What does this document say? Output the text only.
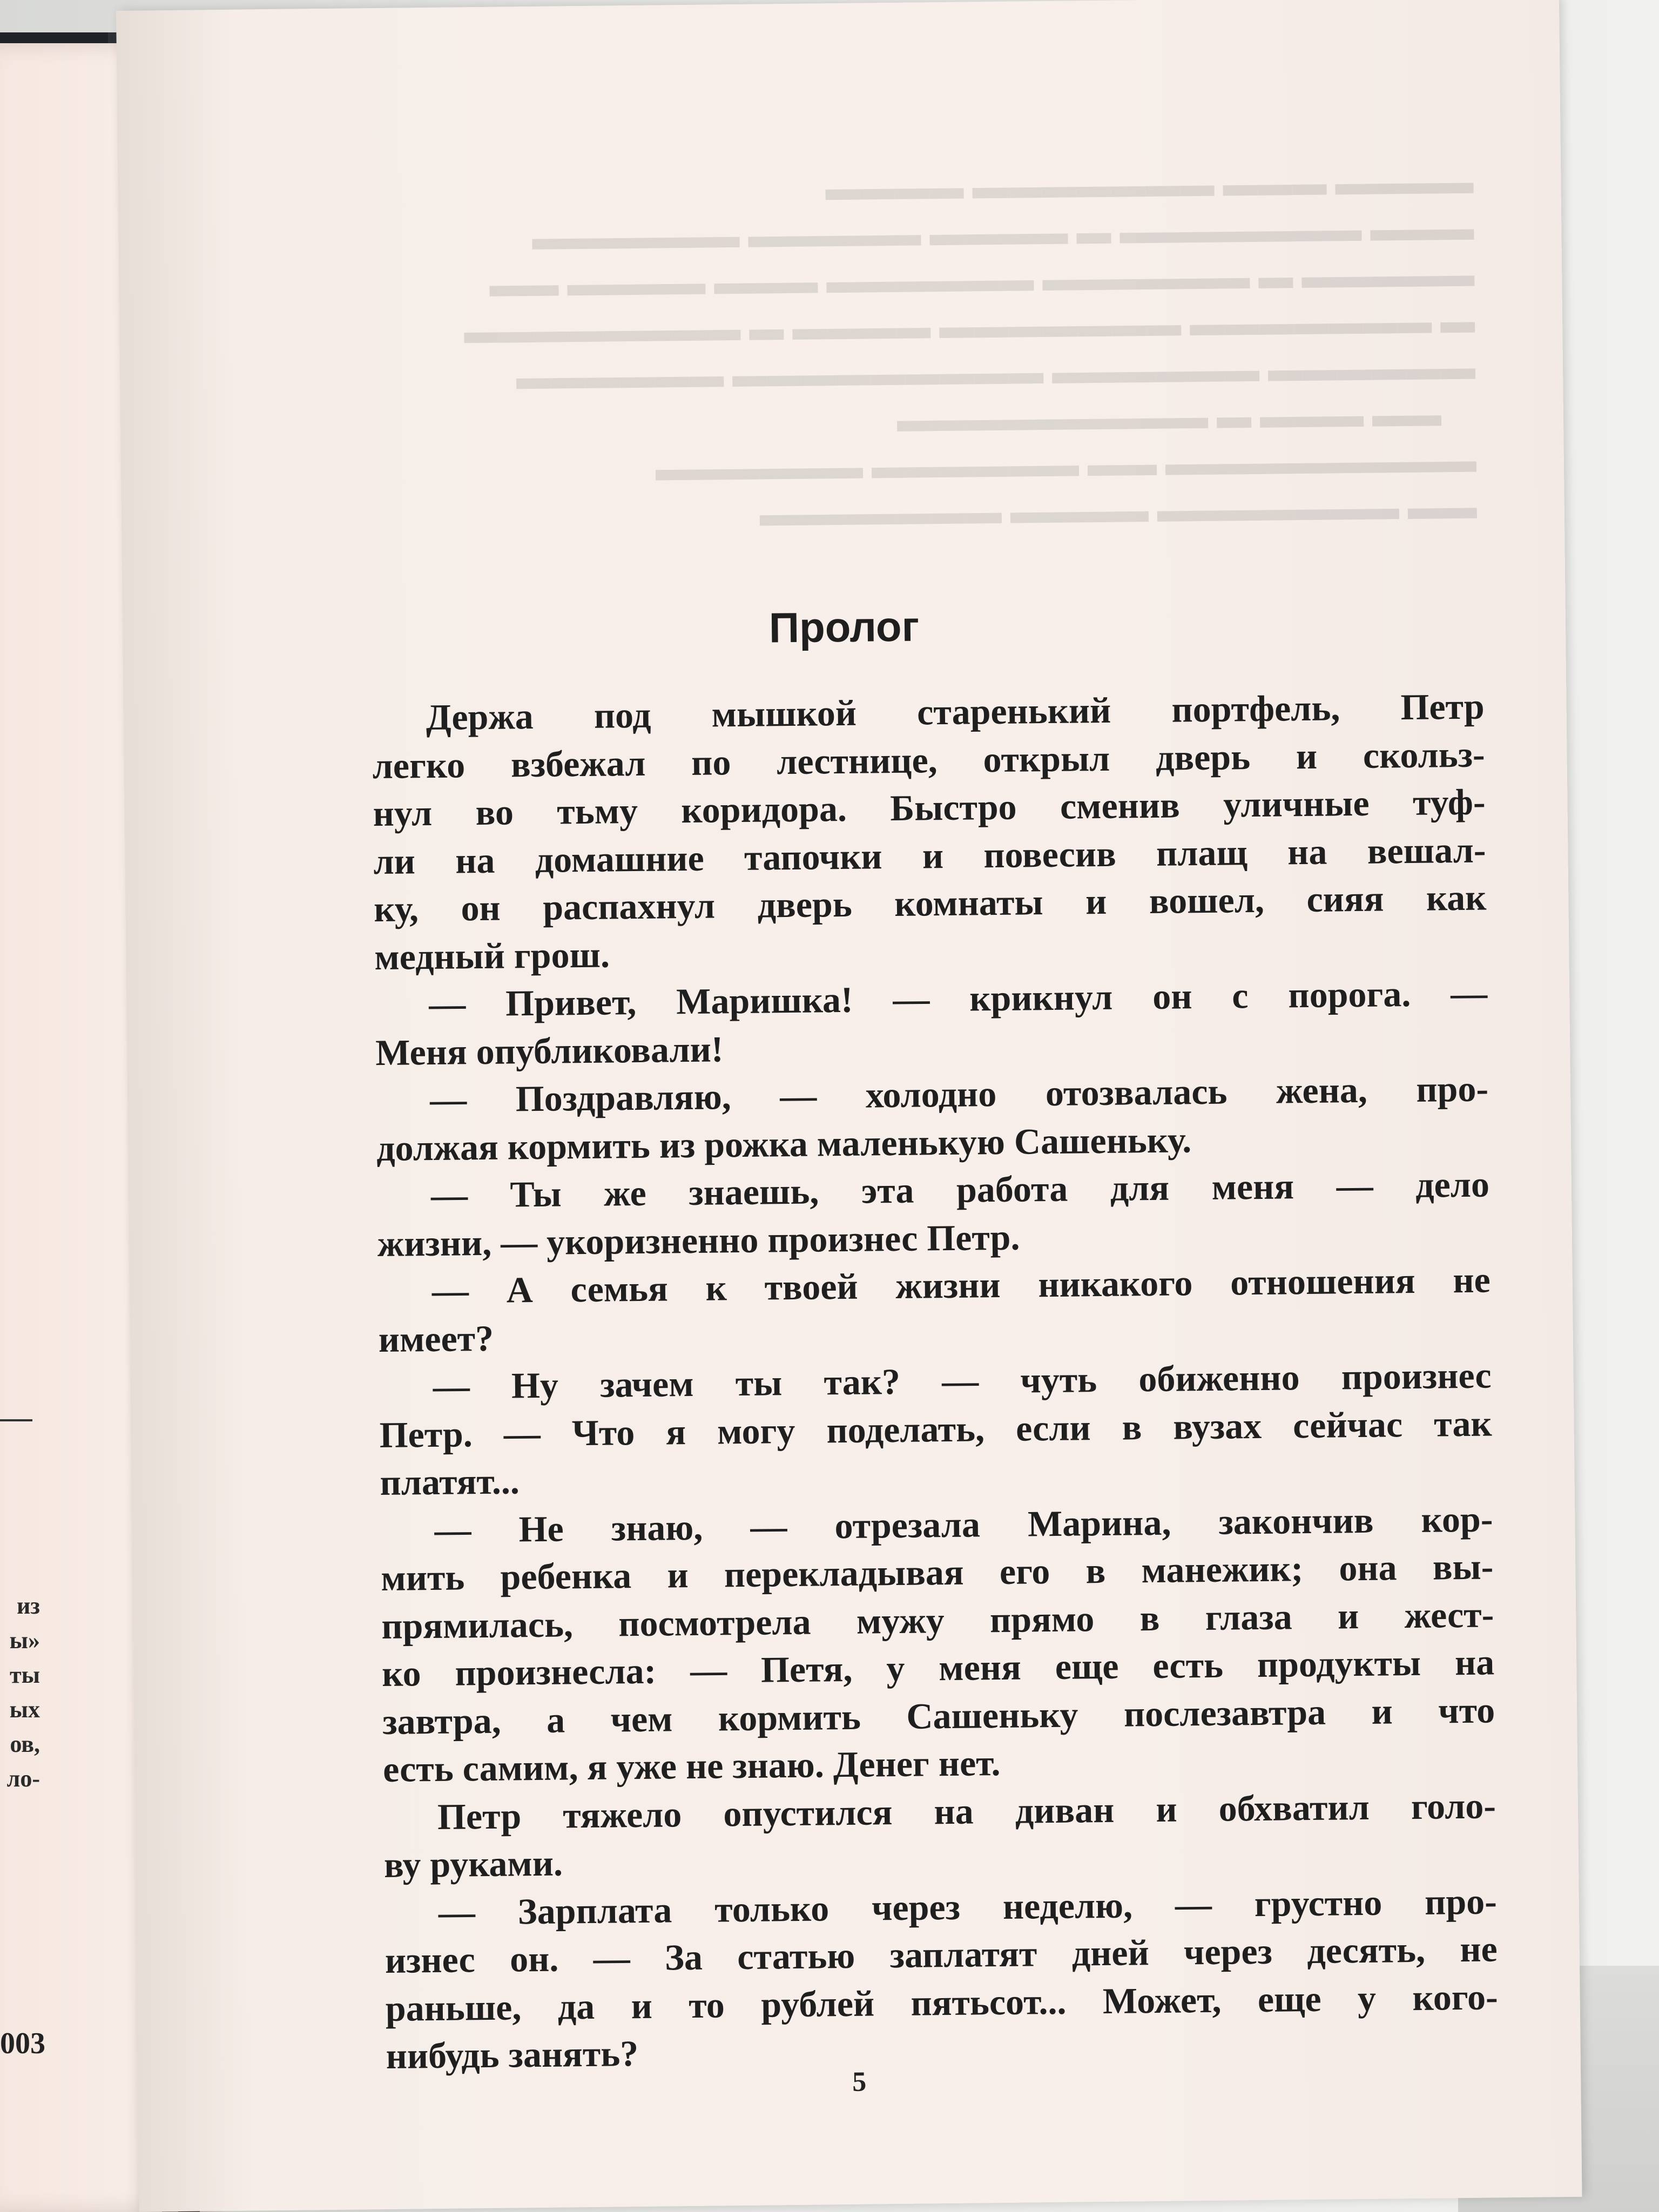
из
ы»
ты
ых
ов,
ло-
003
▬▬▬▬ ▬▬▬ ▬▬▬▬▬▬▬ ▬▬▬▬
▬▬▬ ▬▬▬▬▬▬▬ ▬ ▬▬▬▬ ▬▬▬▬▬ ▬▬▬▬▬▬
▬▬▬▬▬ ▬ ▬▬▬▬▬▬ ▬▬▬▬▬▬ ▬▬▬ ▬▬▬▬ ▬▬
▬ ▬▬▬▬▬▬▬ ▬▬▬▬▬▬▬ ▬▬▬▬ ▬ ▬▬▬▬▬▬▬▬
▬▬▬▬▬▬ ▬▬▬▬▬▬ ▬▬▬▬▬▬▬▬▬ ▬▬▬▬▬▬
▬▬ ▬▬▬ ▬ ▬▬▬▬▬▬▬▬▬
▬▬▬▬▬▬▬▬▬ ▬▬ ▬▬▬▬▬▬ ▬▬▬▬▬▬
▬▬ ▬▬▬▬▬▬▬ ▬▬▬▬ ▬▬▬▬▬▬▬
Пролог
Держа под мышкой старенький портфель, Петр
легко взбежал по лестнице, открыл дверь и скольз-
нул во тьму коридора. Быстро сменив уличные туф-
ли на домашние тапочки и повесив плащ на вешал-
ку, он распахнул дверь комнаты и вошел, сияя как
медный грош.
— Привет, Маришка! — крикнул он с порога. —
Меня опубликовали!
— Поздравляю, — холодно отозвалась жена, про-
должая кормить из рожка маленькую Сашеньку.
— Ты же знаешь, эта работа для меня — дело
жизни, — укоризненно произнес Петр.
— А семья к твоей жизни никакого отношения не
имеет?
— Ну зачем ты так? — чуть обиженно произнес
Петр. — Что я могу поделать, если в вузах сейчас так
платят...
— Не знаю, — отрезала Марина, закончив кор-
мить ребенка и перекладывая его в манежик; она вы-
прямилась, посмотрела мужу прямо в глаза и жест-
ко произнесла: — Петя, у меня еще есть продукты на
завтра, а чем кормить Сашеньку послезавтра и что
есть самим, я уже не знаю. Денег нет.
Петр тяжело опустился на диван и обхватил голо-
ву руками.
— Зарплата только через неделю, — грустно про-
изнес он. — За статью заплатят дней через десять, не
раньше, да и то рублей пятьсот... Может, еще у кого-
нибудь занять?
5
